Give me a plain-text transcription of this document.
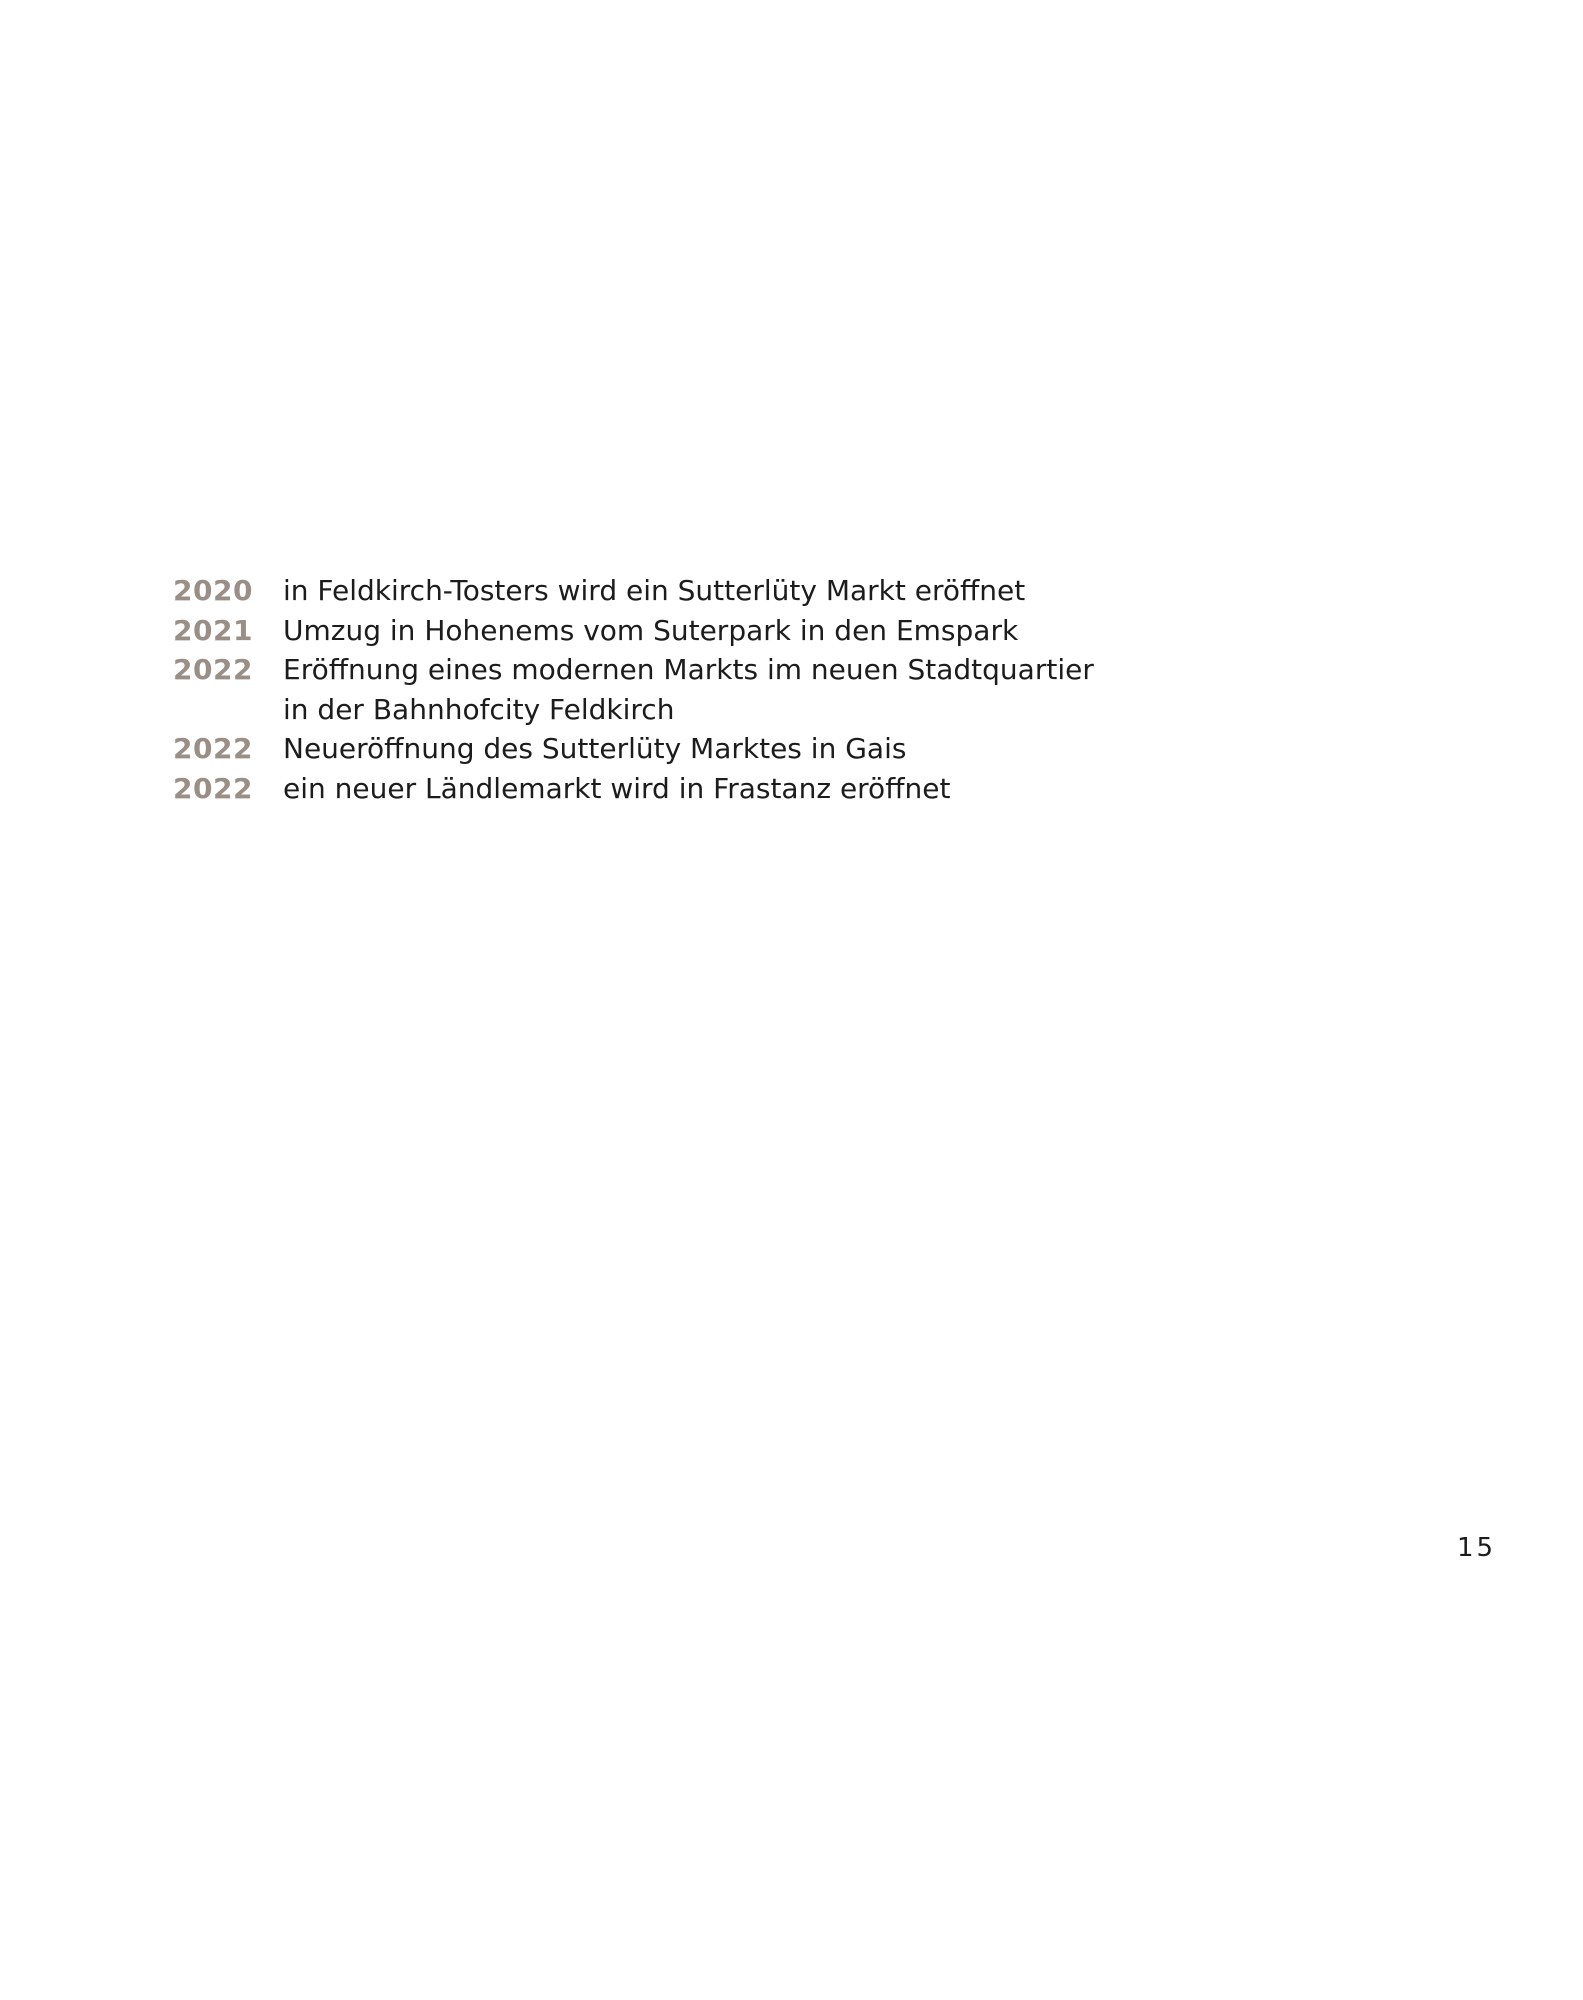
2020	in Feldkirch-Tosters wird ein Sutterlüty Markt eröffnet
2021	Umzug in Hohenems vom Suterpark in den Emspark
2022	Eröffnung eines modernen Markts im neuen Stadtquartier
in der Bahnhofcity Feldkirch
2022	Neueröffnung des Sutterlüty Marktes in Gais
2022	ein neuer Ländlemarkt wird in Frastanz eröffnet
15
